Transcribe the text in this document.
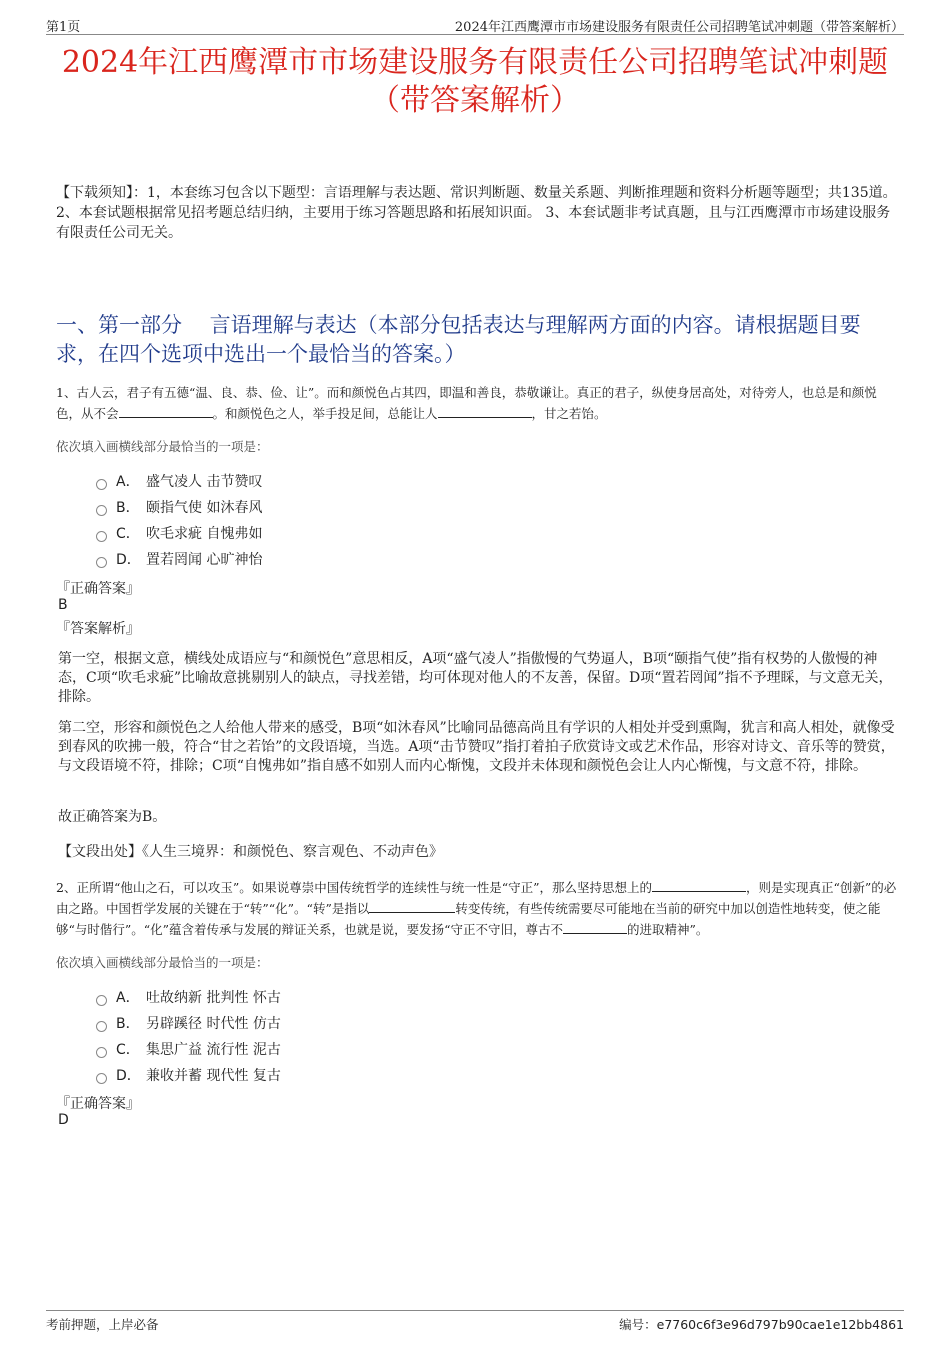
第1页	2024年江西鹰潭市市场建设服务有限责任公司招聘笔试冲刺题（带答案解析）
2024年江西鹰潭市市场建设服务有限责任公司招聘笔试冲刺题
（带答案解析）
【下载须知】：1，本套练习包含以下题型：言语理解与表达题、常识判断题、数量关系题、判断推理题和资料分析题等题型；共135道。 2、本套试题根据常见招考题总结归纳，主要用于练习答题思路和拓展知识面。 3、本套试题非考试真题，且与江西鹰潭市市场建设服务有限责任公司无关。
一、第一部分　 言语理解与表达（本部分包括表达与理解两方面的内容。请根据题目要求，在四个选项中选出一个最恰当的答案。）
1、古人云，君子有五德“温、良、恭、俭、让”。而和颜悦色占其四，即温和善良，恭敬谦让。真正的君子，纵使身居高处，对待旁人，也总是和颜悦色，从不会	。和颜悦色之人，举手投足间，总能让人	，甘之若饴。
依次填入画横线部分最恰当的一项是：
A． 盛气凌人 击节赞叹
B． 颐指气使 如沐春风
C． 吹毛求疵 自愧弗如
D． 置若罔闻 心旷神怡
『正确答案』
B
『答案解析』
第一空，根据文意，横线处成语应与“和颜悦色”意思相反，A项“盛气凌人”指傲慢的气势逼人，B项“颐指气使”指有权势的人傲慢的神态，C项“吹毛求疵”比喻故意挑剔别人的缺点，寻找差错，均可体现对他人的不友善，保留。D项“置若罔闻”指不予理睬，与文意无关，排除。
第二空，形容和颜悦色之人给他人带来的感受，B项“如沐春风”比喻同品德高尚且有学识的人相处并受到熏陶，犹言和高人相处，就像受到春风的吹拂一般，符合“甘之若饴”的文段语境，当选。A项“击节赞叹”指打着拍子欣赏诗文或艺术作品，形容对诗文、音乐等的赞赏，与文段语境不符，排除；C项“自愧弗如”指自感不如别人而内心惭愧，文段并未体现和颜悦色会让人内心惭愧，与文意不符，排除。
故正确答案为B。
【文段出处】《人生三境界：和颜悦色、察言观色、不动声色》
2、正所谓“他山之石，可以攻玉”。如果说尊崇中国传统哲学的连续性与统一性是“守正”，那么坚持思想上的	，则是实现真正“创新”的必由之路。中国哲学发展的关键在于“转”“化”。“转”是指以	转变传统，有些传统需要尽可能地在当前的研究中加以创造性地转变，使之能够“与时偕行”。“化”蕴含着传承与发展的辩证关系，也就是说，要发扬“守正不守旧，尊古不	的进取精神”。
依次填入画横线部分最恰当的一项是：
A． 吐故纳新 批判性 怀古
B． 另辟蹊径 时代性 仿古
C． 集思广益 流行性 泥古
D． 兼收并蓄 现代性 复古
『正确答案』
D
考前押题，上岸必备	编号：e7760c6f3e96d797b90cae1e12bb4861
